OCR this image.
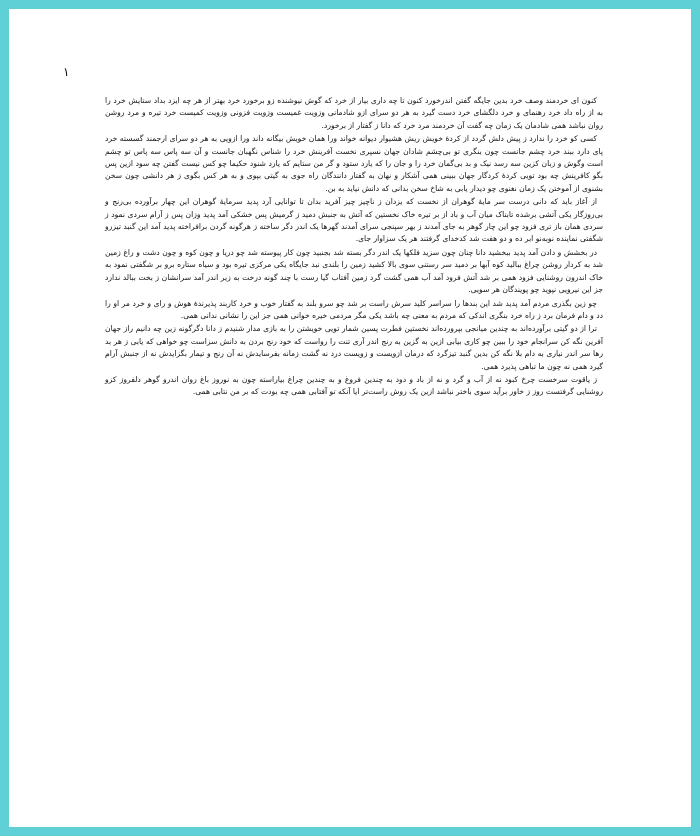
۱

کنون ای خردمند وصف خرد بدین جایگه گفتن اندرخورد کنون تا چه داری بیار از خرد که گوش نیوشنده زو برخورد خرد بهتر از هر چه ایزد بداد ستایش خرد را به از راه داد خرد رهنمای و خرد دلگشای خرد دست گیرد به هر دو سرای ازو شادمانی وزویت غمیست وزویت فزونی وزویت کمیست خرد تیره و مرد روشن روان نباشد همی شادمان یک زمان چه گفت آن خردمند مرد خرد که دانا ز گفتار از برخورد.

کسی کو خرد را ندارد ز پیش دلش گردد از کردهٔ خویش ریش هشیوار دیوانه خواند ورا همان خویش بیگانه داند ورا ازویی به هر دو سرای ارجمند گسسته خرد پای دارد ببند خرد چشم جانست چون بنگری تو بی‌چشم شادان جهان نسپری نخست آفرینش خرد را شناس نگهبان جانست و آن سه پاس سه پاس تو چشم است وگوش و زبان کزین سه رسد نیک و بد بی‌گمان خرد را و جان را که یارد ستود و گر من ستایم که یارد شنود حکیما چو کس نیست گفتن چه سود ازین پس بگو کافرینش چه بود تویی کردهٔ کردگار جهان ببینی همی آشکار و نهان به گفتار دانندگان راه جوی به گیتی بپوی و به هر کس بگوی ز هر دانشی چون سخن بشنوی از آموختن یک زمان نغنوی چو دیدار یابی به شاخ سخن بدانی که دانش نیاید به بن.

از آغاز باید که دانی درست سر مایهٔ گوهران از نخست که یزدان ز ناچیز چیز آفرید بدان تا توانایی آرد پدید سرمایهٔ گوهران این چهار برآورده بی‌رنج و بی‌روزگار یکی آتشی برشده تابناک میان آب و باد از بر تیره خاک نخستین که آتش به جنبش دمید ز گرمیش پس خشکی آمد پدید وزان پس ز آرام سردی نمود ز سردی همان باز تری فزود چو این چار گوهر به جای آمدند ز بهر سپنجی سرای آمدند گهرها یک اندر دگر ساخته ز هرگونه گردن برافراخته پدید آمد این گنبد تیزرو شگفتی نماینده نوبه‌نو ابر ده و دو هفت شد کدخدای گرفتند هر یک سزاوار جای.

در بخشش و دادن آمد پدید ببخشید دانا چنان چون سزید فلکها یک اندر دگر بسته شد بجنبید چون کار پیوسته شد چو دریا و چون کوه و چون دشت و راغ زمین شد به کردار روشن چراغ ببالید کوه آبها بر دمید سر رستنی سوی بالا کشید زمین را بلندی نبد جایگاه یکی مرکزی تیره بود و سیاه ستاره برو بر شگفتی نمود به خاک اندرون روشنایی فزود همی بر شد آتش فرود آمد آب همی گشت گرد زمین آفتاب گیا رست با چند گونه درخت به زیر اندر آمد سرانشان ز بخت ببالد ندارد جز این نیرویی نپوید چو پویندگان هر سویی.

چو زین بگذری مردم آمد پدید شد این بندها را سراسر کلید سرش راست بر شد چو سرو بلند به گفتار خوب و خرد کاربند پذیرندهٔ هوش و رای و خرد مر او را دد و دام فرمان برد ز راه خرد بنگری اندکی که مردم به معنی چه باشد یکی مگر مردمی خیره خوانی همی جز این را نشانی ندانی همی.

ترا از دو گیتی برآورده‌اند به چندین میانجی بپرورده‌اند نخستین فطرت پسین شمار تویی خویشتن را به بازی مدار شنیدم ز دانا دگرگونه زین چه دانیم راز جهان آفرین نگه کن سرانجام خود را ببین چو کاری بیابی ازین به گزین به رنج اندر آری تنت را رواست که خود رنج بردن به دانش سزاست چو خواهی که یابی ز هر بد رها سر اندر نیاری به دام بلا نگه کن بدین گنبد تیزگرد که درمان ازویست و زویست درد نه گشت زمانه بفرسایدش نه آن رنج و تیمار بگزایدش نه از جنبش آرام گیرد همی نه چون ما تباهی پذیرد همی.

ز یاقوت سرخست چرخ کبود نه از آب و گرد و نه از باد و دود به چندین فروغ و به چندین چراغ بیاراسته چون به نوروز باغ روان اندرو گوهر دلفروز کزو روشنایی گرفتست روز ز خاور برآید سوی باختر نباشد ازین یک روش راست‌تر ایا آنکه تو آفتابی همی چه بودت که بر من نتابی همی.
